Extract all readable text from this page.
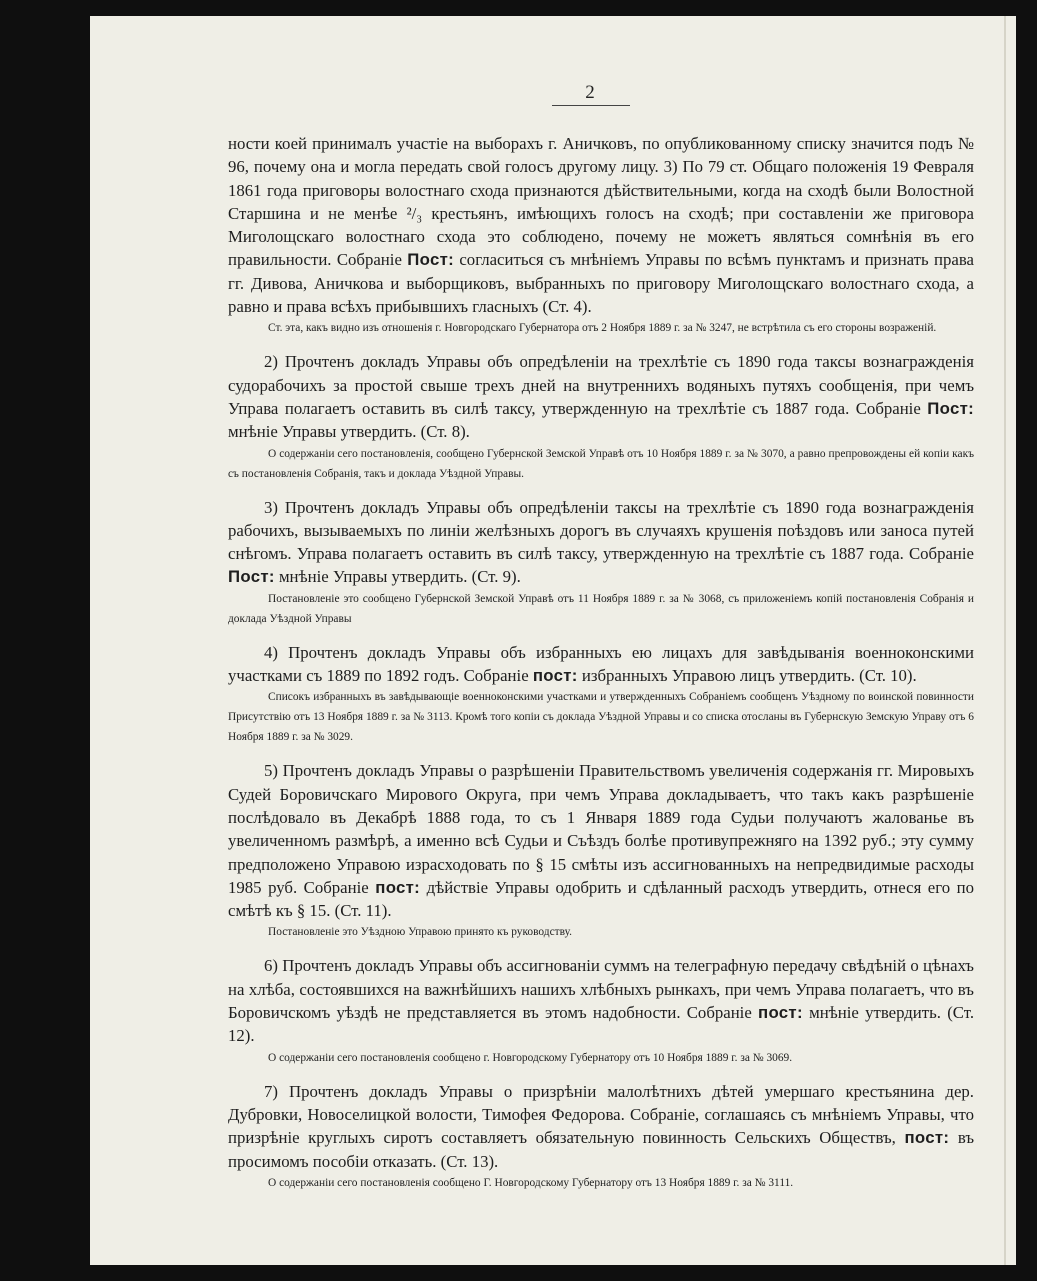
2

ности коей принималъ участіе на выборахъ г. Аничковъ, по опубликованному списку значится подъ № 96, почему она и могла передать свой голосъ другому лицу. 3) По 79 ст. Общаго положенія 19 Февраля 1861 года приговоры волостнаго схода признаются дѣйствительными, когда на сходѣ были Волостной Старшина и не менѣе ²/₃ крестьянъ, имѣющихъ голосъ на сходѣ; при составленіи же приговора Миголощскаго волостнаго схода это соблюдено, почему не можетъ являться сомнѣнія въ его правильности. Собраніе Пост: согласиться съ мнѣніемъ Управы по всѣмъ пунктамъ и признать права гг. Дивова, Аничкова и выборщиковъ, выбранныхъ по приговору Миголощскаго волостнаго схода, а равно и права всѣхъ прибывшихъ гласныхъ (Ст. 4).

Ст. эта, какъ видно изъ отношенія г. Новгородскаго Губернатора отъ 2 Ноября 1889 г. за № 3247, не встрѣтила съ его стороны возраженій.

2) Прочтенъ докладъ Управы объ опредѣленіи на трехлѣтіе съ 1890 года таксы вознагражденія судорабочихъ за простой свыше трехъ дней на внутреннихъ водяныхъ путяхъ сообщенія, при чемъ Управа полагаетъ оставить въ силѣ таксу, утвержденную на трехлѣтіе съ 1887 года. Собраніе Пост: мнѣніе Управы утвердить. (Ст. 8).

О содержаніи сего постановленія, сообщено Губернской Земской Управѣ отъ 10 Ноября 1889 г. за № 3070, а равно препровождены ей копіи какъ съ постановленія Собранія, такъ и доклада Уѣздной Управы.

3) Прочтенъ докладъ Управы объ опредѣленіи таксы на трехлѣтіе съ 1890 года вознагражденія рабочихъ, вызываемыхъ по линіи желѣзныхъ дорогъ въ случаяхъ крушенія поѣздовъ или заноса путей снѣгомъ. Управа полагаетъ оставить въ силѣ таксу, утвержденную на трехлѣтіе съ 1887 года. Собраніе Пост: мнѣніе Управы утвердить. (Ст. 9).

Постановленіе это сообщено Губернской Земской Управѣ отъ 11 Ноября 1889 г. за № 3068, съ приложеніемъ копій постановленія Собранія и доклада Уѣздной Управы

4) Прочтенъ докладъ Управы объ избранныхъ ею лицахъ для завѣдыванія военноконскими участками съ 1889 по 1892 годъ. Собраніе пост: избранныхъ Управою лицъ утвердить. (Ст. 10).

Списокъ избранныхъ въ завѣдывающіе военноконскими участками и утвержденныхъ Собраніемъ сообщенъ Уѣздному по воинской повинности Присутствію отъ 13 Ноября 1889 г. за № 3113. Кромѣ того копіи съ доклада Уѣздной Управы и со списка отосланы въ Губернскую Земскую Управу отъ 6 Ноября 1889 г. за № 3029.

5) Прочтенъ докладъ Управы о разрѣшеніи Правительствомъ увеличенія содержанія гг. Мировыхъ Судей Боровичскаго Мирового Округа, при чемъ Управа докладываетъ, что такъ какъ разрѣшеніе послѣдовало въ Декабрѣ 1888 года, то съ 1 Января 1889 года Судьи получаютъ жалованье въ увеличенномъ размѣрѣ, а именно всѣ Судьи и Съѣздъ болѣе противупрежняго на 1392 руб.; эту сумму предположено Управою израсходовать по § 15 смѣты изъ ассигнованныхъ на непредвидимые расходы 1985 руб. Собраніе пост: дѣйствіе Управы одобрить и сдѣланный расходъ утвердить, отнеся его по смѣтѣ къ § 15. (Ст. 11).

Постановленіе это Уѣздною Управою принято къ руководству.

6) Прочтенъ докладъ Управы объ ассигнованіи суммъ на телеграфную передачу свѣдѣній о цѣнахъ на хлѣба, состоявшихся на важнѣйшихъ нашихъ хлѣбныхъ рынкахъ, при чемъ Управа полагаетъ, что въ Боровичскомъ уѣздѣ не представляется въ этомъ надобности. Собраніе пост: мнѣніе утвердить. (Ст. 12).

О содержаніи сего постановленія сообщено г. Новгородскому Губернатору отъ 10 Ноября 1889 г. за № 3069.

7) Прочтенъ докладъ Управы о призрѣніи малолѣтнихъ дѣтей умершаго крестьянина дер. Дубровки, Новоселицкой волости, Тимофея Федорова. Собраніе, соглашаясь съ мнѣніемъ Управы, что призрѣніе круглыхъ сиротъ составляетъ обязательную повинность Сельскихъ Обществъ, пост: въ просимомъ пособіи отказать. (Ст. 13).

О содержаніи сего постановленія сообщено Г. Новгородскому Губернатору отъ 13 Ноября 1889 г. за № 3111.
